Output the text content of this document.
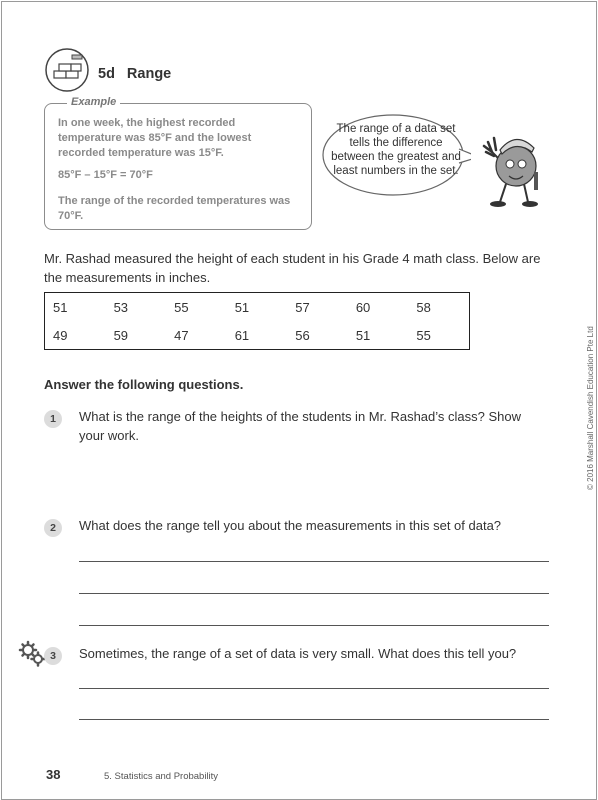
5d Range
Example
In one week, the highest recorded temperature was 85°F and the lowest recorded temperature was 15°F.
85°F – 15°F = 70°F
The range of the recorded temperatures was 70°F.
The range of a data set tells the difference between the greatest and least numbers in the set.
Mr. Rashad measured the height of each student in his Grade 4 math class. Below are the measurements in inches.
51	53	55	51	57	60	58
49	59	47	61	56	51	55
Answer the following questions.
1	What is the range of the heights of the students in Mr. Rashad’s class? Show your work.
2	What does the range tell you about the measurements in this set of data?
3	Sometimes, the range of a set of data is very small. What does this tell you?
38	5. Statistics and Probability
© 2016 Marshall Cavendish Education Pte Ltd
